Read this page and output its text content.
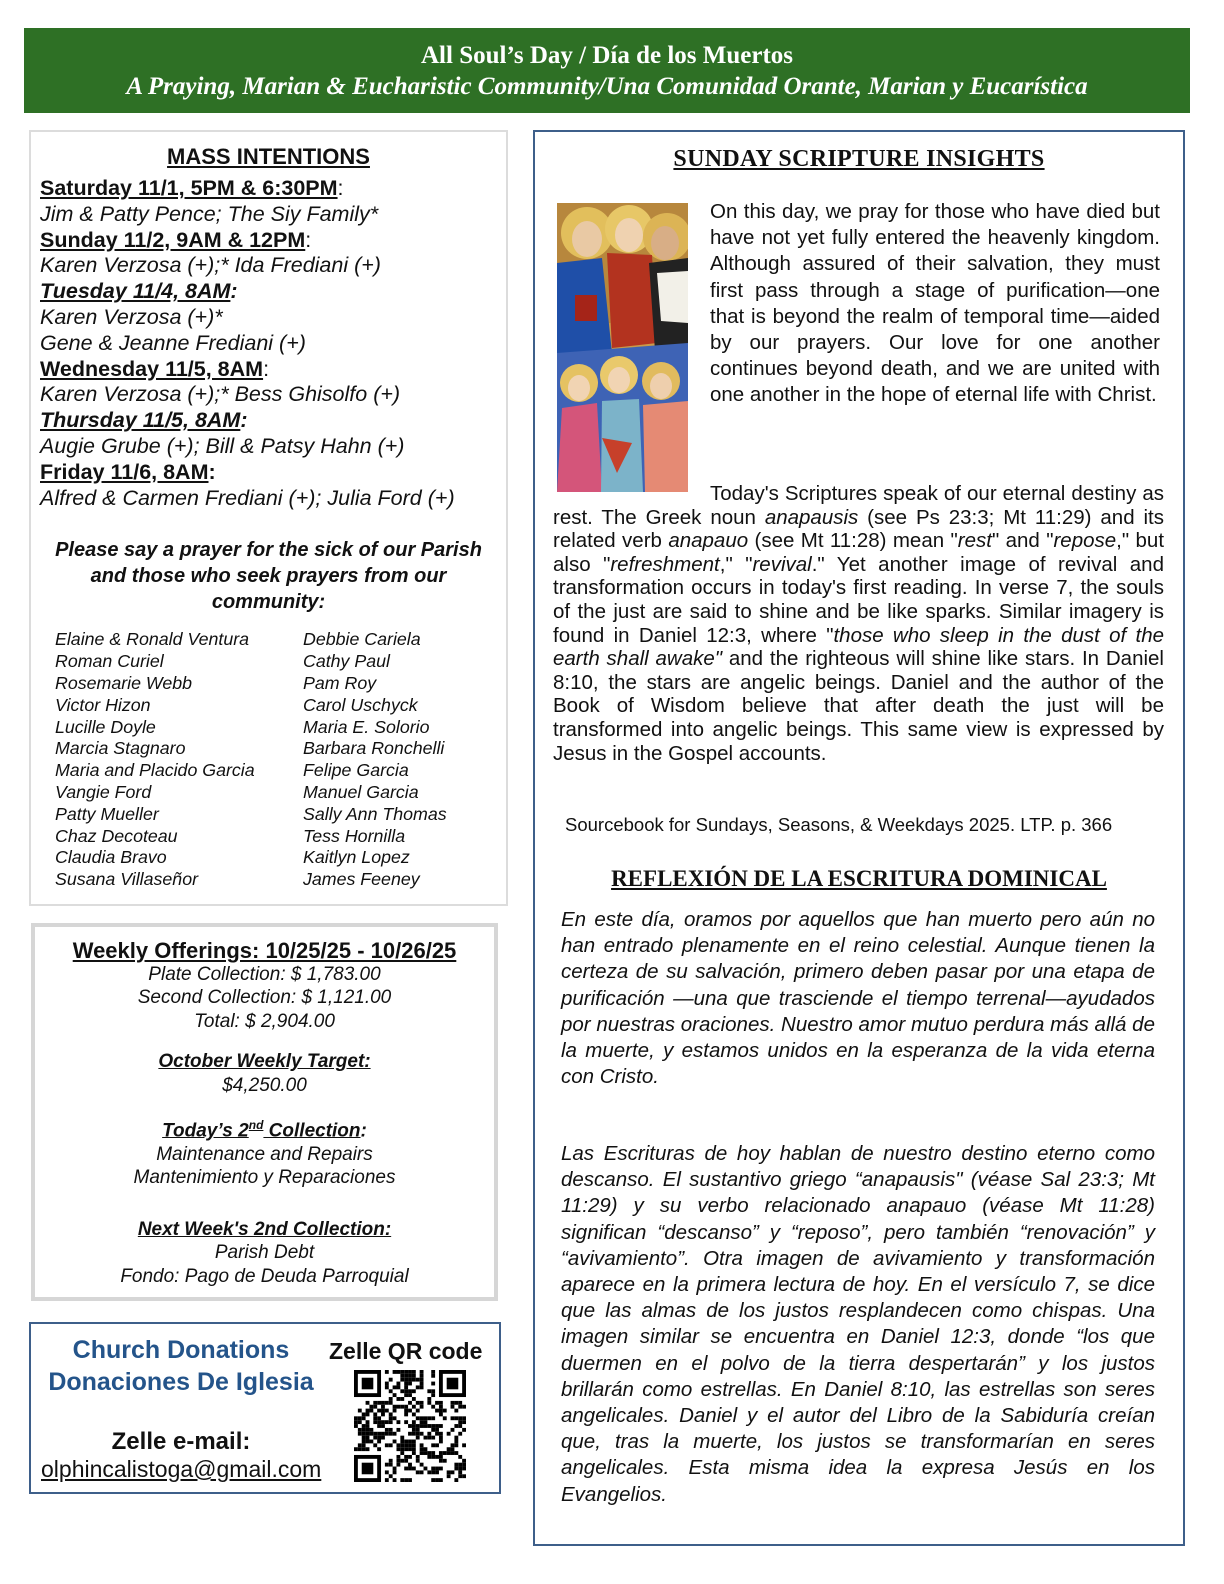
All Soul’s Day / Día de los Muertos
A Praying, Marian & Eucharistic Community/Una Comunidad Orante, Marian y Eucarística
MASS INTENTIONS
Saturday 11/1, 5PM & 6:30PM:
Jim & Patty Pence; The Siy Family*
Sunday 11/2, 9AM & 12PM:
Karen Verzosa (+);* Ida Frediani (+)
Tuesday 11/4, 8AM:
Karen Verzosa (+)*
Gene & Jeanne Frediani (+)
Wednesday 11/5, 8AM:
Karen Verzosa (+);* Bess Ghisolfo (+)
Thursday 11/5, 8AM:
Augie Grube (+); Bill & Patsy Hahn (+)
Friday 11/6, 8AM:
Alfred & Carmen Frediani (+); Julia Ford (+)
Please say a prayer for the sick of our Parish and those who seek prayers from our community:
Elaine & Ronald Ventura
Roman Curiel
Rosemarie Webb
Victor Hizon
Lucille Doyle
Marcia Stagnaro
Maria and Placido Garcia
Vangie Ford
Patty Mueller
Chaz Decoteau
Claudia Bravo
Susana Villaseñor
Debbie Cariela
Cathy Paul
Pam Roy
Carol Uschyck
Maria E. Solorio
Barbara Ronchelli
Felipe Garcia
Manuel Garcia
Sally Ann Thomas
Tess Hornilla
Kaitlyn Lopez
James Feeney
Weekly Offerings: 10/25/25 - 10/26/25
Plate Collection: $ 1,783.00
Second Collection: $ 1,121.00
Total: $ 2,904.00
October Weekly Target:
$4,250.00
Today’s 2nd Collection:
Maintenance and Repairs
Mantenimiento y Reparaciones
Next Week's 2nd Collection:
Parish Debt
Fondo: Pago de Deuda Parroquial
Church Donations
Donaciones De Iglesia
Zelle QR code
Zelle e-mail:
olphincalistoga@gmail.com
SUNDAY SCRIPTURE INSIGHTS

On this day, we pray for those who have died but have not yet fully entered the heavenly kingdom. Although assured of their salvation, they must first pass through a stage of purification—one that is beyond the realm of temporal time—aided by our prayers. Our love for one another continues beyond death, and we are united with one another in the hope of eternal life with Christ.

Today's Scriptures speak of our eternal destiny as rest. The Greek noun anapausis (see Ps 23:3; Mt 11:29) and its related verb anapauo (see Mt 11:28) mean "rest" and "repose," but also "refreshment," "revival." Yet another image of revival and transformation occurs in today's first reading. In verse 7, the souls of the just are said to shine and be like sparks. Similar imagery is found in Daniel 12:3, where "those who sleep in the dust of the earth shall awake" and the righteous will shine like stars. In Daniel 8:10, the stars are angelic beings. Daniel and the author of the Book of Wisdom believe that after death the just will be transformed into angelic beings. This same view is expressed by Jesus in the Gospel accounts.

Sourcebook for Sundays, Seasons, & Weekdays 2025. LTP. p. 366
REFLEXIÓN DE LA ESCRITURA DOMINICAL

En este día, oramos por aquellos que han muerto pero aún no han entrado plenamente en el reino celestial. Aunque tienen la certeza de su salvación, primero deben pasar por una etapa de purificación —una que trasciende el tiempo terrenal—ayudados por nuestras oraciones. Nuestro amor mutuo perdura más allá de la muerte, y estamos unidos en la esperanza de la vida eterna con Cristo.

Las Escrituras de hoy hablan de nuestro destino eterno como descanso. El sustantivo griego “anapausis" (véase Sal 23:3; Mt 11:29) y su verbo relacionado anapauo (véase Mt 11:28) significan “descanso” y “reposo”, pero también “renovación” y “avivamiento”. Otra imagen de avivamiento y transformación aparece en la primera lectura de hoy. En el versículo 7, se dice que las almas de los justos resplandecen como chispas. Una imagen similar se encuentra en Daniel 12:3, donde “los que duermen en el polvo de la tierra despertarán” y los justos brillarán como estrellas. En Daniel 8:10, las estrellas son seres angelicales. Daniel y el autor del Libro de la Sabiduría creían que, tras la muerte, los justos se transformarían en seres angelicales. Esta misma idea la expresa Jesús en los Evangelios.
